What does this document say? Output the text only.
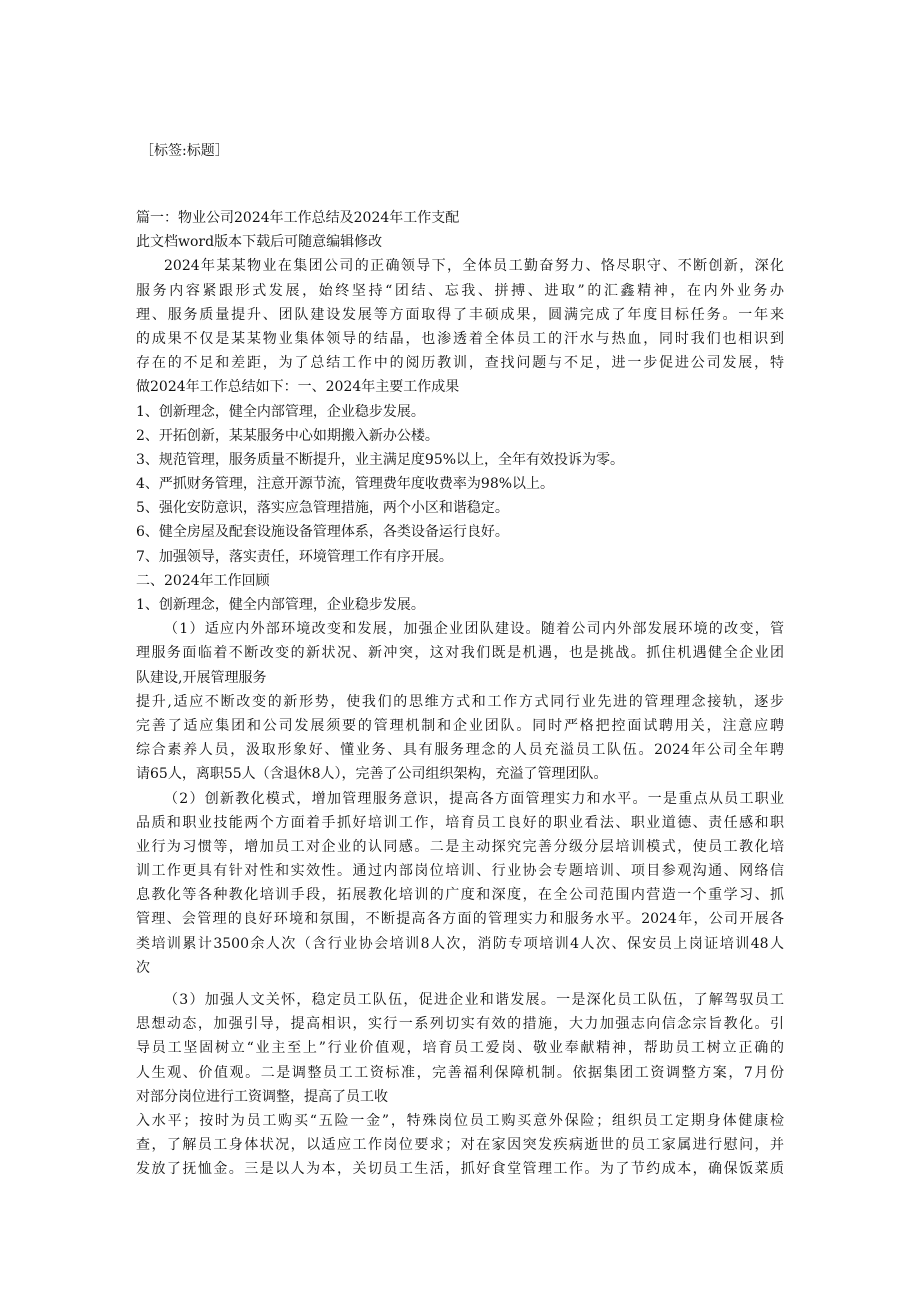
［标签:标题］
篇一：物业公司2024年工作总结及2024年工作支配
此文档word版本下载后可随意编辑修改
2024年某某物业在集团公司的正确领导下，全体员工勤奋努力、恪尽职守、不断创新，深化
服务内容紧跟形式发展，始终坚持“团结、忘我、拼搏、进取”的汇鑫精神，在内外业务办
理、服务质量提升、团队建设发展等方面取得了丰硕成果，圆满完成了年度目标任务。一年来
的成果不仅是某某物业集体领导的结晶，也渗透着全体员工的汗水与热血，同时我们也相识到
存在的不足和差距，为了总结工作中的阅历教训，查找问题与不足，进一步促进公司发展，特
做2024年工作总结如下：一、2024年主要工作成果
1、创新理念，健全内部管理，企业稳步发展。
2、开拓创新，某某服务中心如期搬入新办公楼。
3、规范管理，服务质量不断提升，业主满足度95%以上，全年有效投诉为零。
4、严抓财务管理，注意开源节流，管理费年度收费率为98%以上。
5、强化安防意识，落实应急管理措施，两个小区和谐稳定。
6、健全房屋及配套设施设备管理体系，各类设备运行良好。
7、加强领导，落实责任，环境管理工作有序开展。
二、2024年工作回顾
1、创新理念，健全内部管理，企业稳步发展。
（1）适应内外部环境改变和发展，加强企业团队建设。随着公司内外部发展环境的改变，管
理服务面临着不断改变的新状况、新冲突，这对我们既是机遇，也是挑战。抓住机遇健全企业团
队建设,开展管理服务
提升,适应不断改变的新形势，使我们的思维方式和工作方式同行业先进的管理理念接轨，逐步
完善了适应集团和公司发展须要的管理机制和企业团队。同时严格把控面试聘用关，注意应聘
综合素养人员，汲取形象好、懂业务、具有服务理念的人员充溢员工队伍。2024年公司全年聘
请65人，离职55人（含退休8人），完善了公司组织架构，充溢了管理团队。
（2）创新教化模式，增加管理服务意识，提高各方面管理实力和水平。一是重点从员工职业
品质和职业技能两个方面着手抓好培训工作，培育员工良好的职业看法、职业道德、责任感和职
业行为习惯等，增加员工对企业的认同感。二是主动探究完善分级分层培训模式，使员工教化培
训工作更具有针对性和实效性。通过内部岗位培训、行业协会专题培训、项目参观沟通、网络信
息教化等各种教化培训手段，拓展教化培训的广度和深度，在全公司范围内营造一个重学习、抓
管理、会管理的良好环境和氛围，不断提高各方面的管理实力和服务水平。2024年，公司开展各
类培训累计3500余人次（含行业协会培训8人次，消防专项培训4人次、保安员上岗证培训48人
次
（3）加强人文关怀，稳定员工队伍，促进企业和谐发展。一是深化员工队伍，了解驾驭员工
思想动态，加强引导，提高相识，实行一系列切实有效的措施，大力加强志向信念宗旨教化。引
导员工坚固树立“业主至上”行业价值观，培育员工爱岗、敬业奉献精神，帮助员工树立正确的
人生观、价值观。二是调整员工工资标准，完善福利保障机制。依据集团工资调整方案，7月份
对部分岗位进行工资调整，提高了员工收
入水平；按时为员工购买“五险一金”，特殊岗位员工购买意外保险；组织员工定期身体健康检
查，了解员工身体状况，以适应工作岗位要求；对在家因突发疾病逝世的员工家属进行慰问，并
发放了抚恤金。三是以人为本，关切员工生活，抓好食堂管理工作。为了节约成本，确保饭菜质
